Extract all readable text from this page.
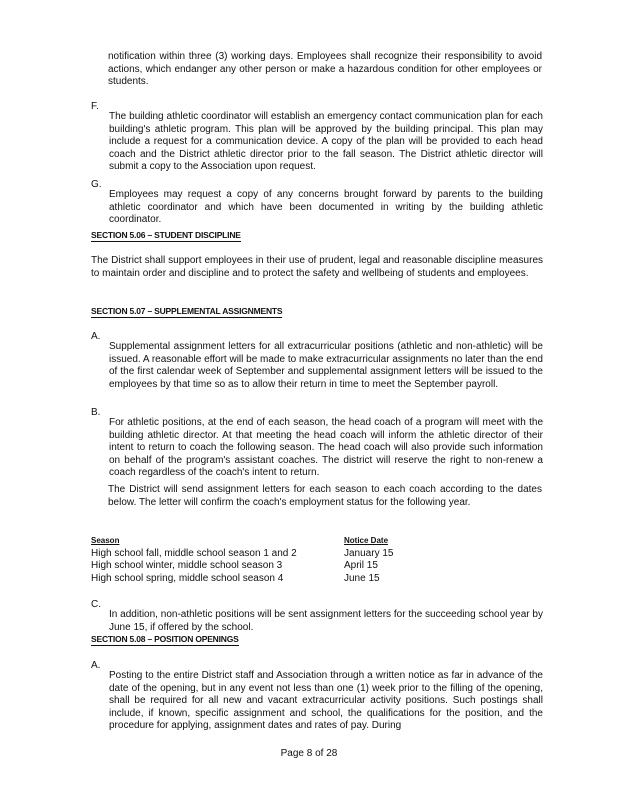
notification within three (3) working days. Employees shall recognize their responsibility to avoid actions, which endanger any other person or make a hazardous condition for other employees or students.

F.

The building athletic coordinator will establish an emergency contact communication plan for each building's athletic program. This plan will be approved by the building principal. This plan may include a request for a communication device. A copy of the plan will be provided to each head coach and the District athletic director prior to the fall season. The District athletic director will submit a copy to the Association upon request.

G.

Employees may request a copy of any concerns brought forward by parents to the building athletic coordinator and which have been documented in writing by the building athletic coordinator.

SECTION 5.06 – STUDENT DISCIPLINE

The District shall support employees in their use of prudent, legal and reasonable discipline measures to maintain order and discipline and to protect the safety and wellbeing of students and employees.

SECTION 5.07 – SUPPLEMENTAL ASSIGNMENTS
A.

Supplemental assignment letters for all extracurricular positions (athletic and non-athletic) will be issued. A reasonable effort will be made to make extracurricular assignments no later than the end of the first calendar week of September and supplemental assignment letters will be issued to the employees by that time so as to allow their return in time to meet the September payroll.

B.

For athletic positions, at the end of each season, the head coach of a program will meet with the building athletic director. At that meeting the head coach will inform the athletic director of their intent to return to coach the following season. The head coach will also provide such information on behalf of the program's assistant coaches. The district will reserve the right to non-renew a coach regardless of the coach's intent to return.

The District will send assignment letters for each season to each coach according to the dates below. The letter will confirm the coach's employment status for the following year.

Season	Notice Date
High school fall, middle school season 1 and 2	January 15
High school winter, middle school season 3	April 15
High school spring, middle school season 4	June 15
C.

In addition, non-athletic positions will be sent assignment letters for the succeeding school year by June 15, if offered by the school.

SECTION 5.08 – POSITION OPENINGS
A.

Posting to the entire District staff and Association through a written notice as far in advance of the date of the opening, but in any event not less than one (1) week prior to the filling of the opening, shall be required for all new and vacant extracurricular activity positions. Such postings shall include, if known, specific assignment and school, the qualifications for the position, and the procedure for applying, assignment dates and rates of pay. During

Page 8 of 28
